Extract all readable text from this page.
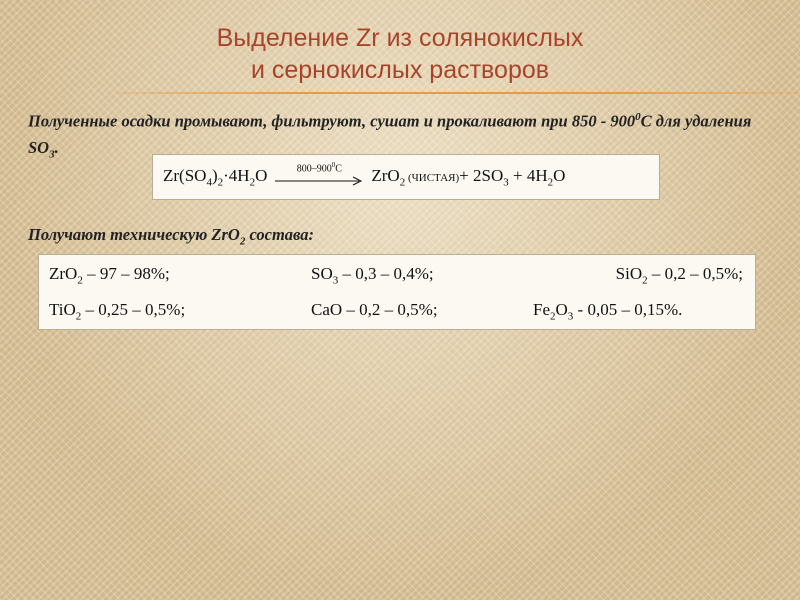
Выделение Zr из солянокислых
и сернокислых растворов

Полученные осадки промывают, фильтруют, сушат и прокаливают при $850 - 900^0С$ для удаления $SO_3$.

$Zr(SO_4)_2\cdot 4H_2O$	$800-900^0С$	ZrO$_2$ (ЧИСТАЯ)+ $2SO_3 + 4H_2O$

Получают техническую ZrO$_2$ состава:

ZrO$_2$ – 97 – 98%;	$SO_3 - 0,3 - 0,4\%$;	SiO$_2$ – 0,2 – 0,5%;
TiO$_2$ – 0,25 – 0,5%;	CaO – 0,2 – 0,5%;	$Fe_2O_3 - 0,05 - 0,15\%$.
